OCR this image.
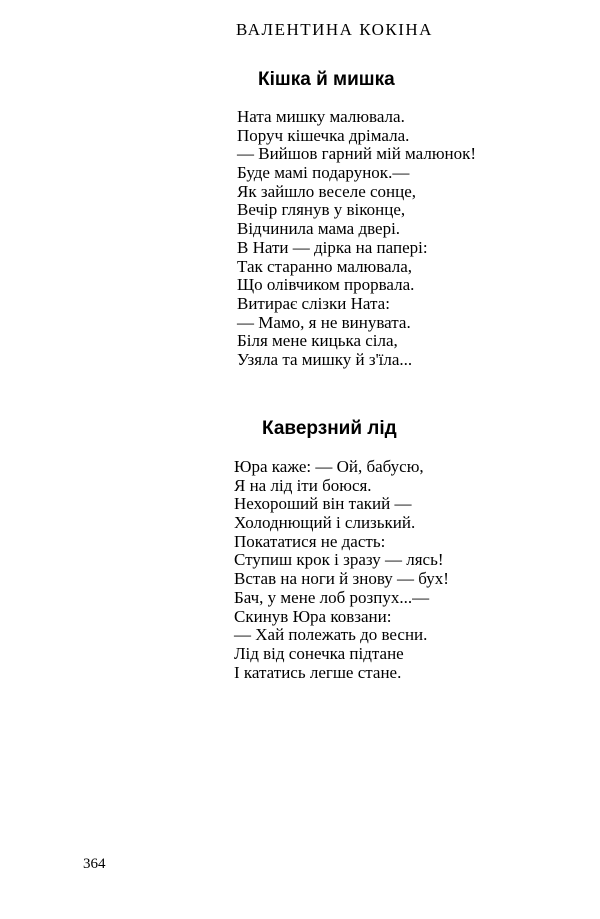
ВАЛЕНТИНА КОКІНА
Кішка й мишка
Ната мишку малювала.
Поруч кішечка дрімала.
— Вийшов гарний мій малюнок!
Буде мамі подарунок.—
Як зайшло веселе сонце,
Вечір глянув у віконце,
Відчинила мама двері.
В Нати — дірка на папері:
Так старанно малювала,
Що олівчиком прорвала.
Витирає слізки Ната:
— Мамо, я не винувата.
Біля мене кицька сіла,
Узяла та мишку й з'їла...
Каверзний лід
Юра каже: — Ой, бабусю,
Я на лід іти боюся.
Нехороший він такий —
Холоднющий і слизький.
Покататися не дасть:
Ступиш крок і зразу — лясь!
Встав на ноги й знову — бух!
Бач, у мене лоб розпух...—
Скинув Юра ковзани:
— Хай полежать до весни.
Лід від сонечка підтане
І кататись легше стане.
364
